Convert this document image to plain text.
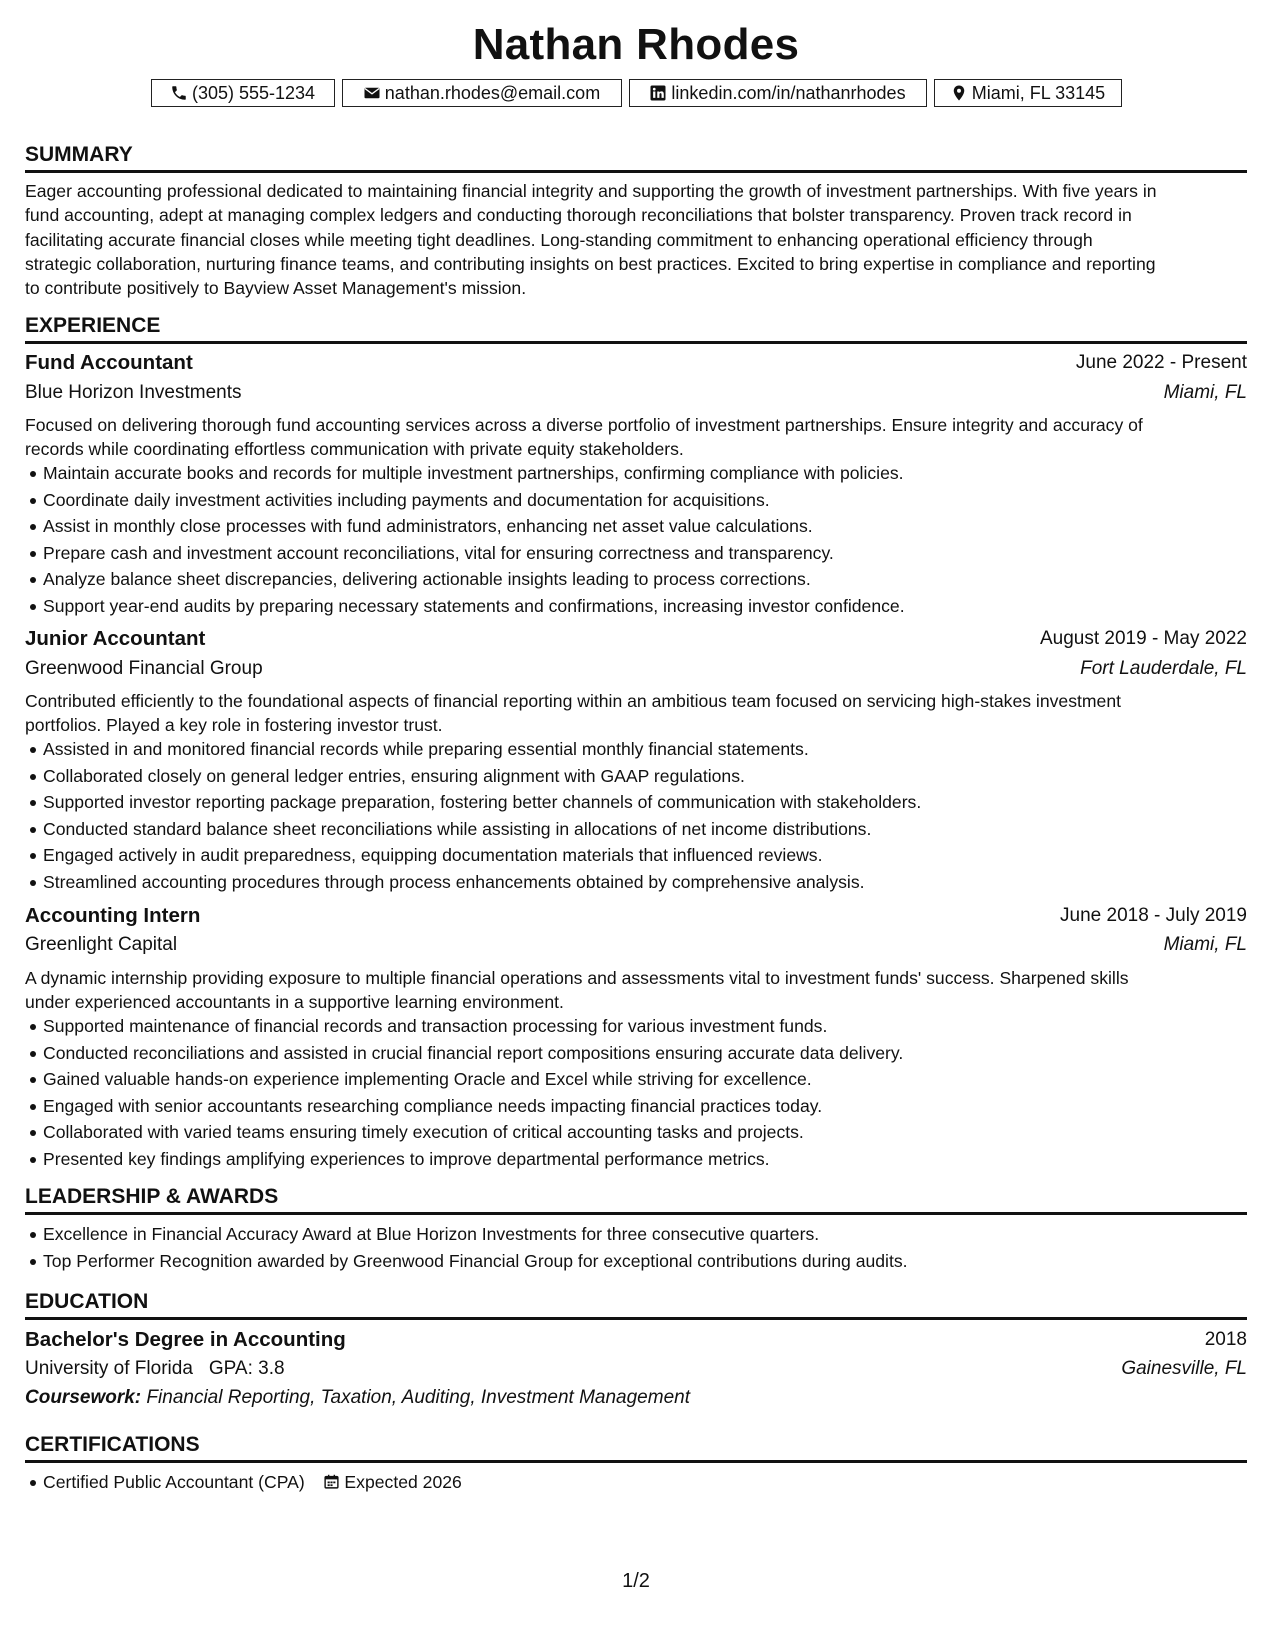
Nathan Rhodes
(305) 555-1234	nathan.rhodes@email.com	linkedin.com/in/nathanrhodes	Miami, FL 33145
SUMMARY
Eager accounting professional dedicated to maintaining financial integrity and supporting the growth of investment partnerships. With five years in
fund accounting, adept at managing complex ledgers and conducting thorough reconciliations that bolster transparency. Proven track record in
facilitating accurate financial closes while meeting tight deadlines. Long-standing commitment to enhancing operational efficiency through
strategic collaboration, nurturing finance teams, and contributing insights on best practices. Excited to bring expertise in compliance and reporting
to contribute positively to Bayview Asset Management's mission.
EXPERIENCE
Fund Accountant	June 2022 - Present
Blue Horizon Investments	Miami, FL
Focused on delivering thorough fund accounting services across a diverse portfolio of investment partnerships. Ensure integrity and accuracy of
records while coordinating effortless communication with private equity stakeholders.
Maintain accurate books and records for multiple investment partnerships, confirming compliance with policies.
Coordinate daily investment activities including payments and documentation for acquisitions.
Assist in monthly close processes with fund administrators, enhancing net asset value calculations.
Prepare cash and investment account reconciliations, vital for ensuring correctness and transparency.
Analyze balance sheet discrepancies, delivering actionable insights leading to process corrections.
Support year-end audits by preparing necessary statements and confirmations, increasing investor confidence.
Junior Accountant	August 2019 - May 2022
Greenwood Financial Group	Fort Lauderdale, FL
Contributed efficiently to the foundational aspects of financial reporting within an ambitious team focused on servicing high-stakes investment
portfolios. Played a key role in fostering investor trust.
Assisted in and monitored financial records while preparing essential monthly financial statements.
Collaborated closely on general ledger entries, ensuring alignment with GAAP regulations.
Supported investor reporting package preparation, fostering better channels of communication with stakeholders.
Conducted standard balance sheet reconciliations while assisting in allocations of net income distributions.
Engaged actively in audit preparedness, equipping documentation materials that influenced reviews.
Streamlined accounting procedures through process enhancements obtained by comprehensive analysis.
Accounting Intern	June 2018 - July 2019
Greenlight Capital	Miami, FL
A dynamic internship providing exposure to multiple financial operations and assessments vital to investment funds' success. Sharpened skills
under experienced accountants in a supportive learning environment.
Supported maintenance of financial records and transaction processing for various investment funds.
Conducted reconciliations and assisted in crucial financial report compositions ensuring accurate data delivery.
Gained valuable hands-on experience implementing Oracle and Excel while striving for excellence.
Engaged with senior accountants researching compliance needs impacting financial practices today.
Collaborated with varied teams ensuring timely execution of critical accounting tasks and projects.
Presented key findings amplifying experiences to improve departmental performance metrics.
LEADERSHIP & AWARDS
Excellence in Financial Accuracy Award at Blue Horizon Investments for three consecutive quarters.
Top Performer Recognition awarded by Greenwood Financial Group for exceptional contributions during audits.
EDUCATION
Bachelor's Degree in Accounting	2018
University of Florida GPA: 3.8	Gainesville, FL
Coursework: Financial Reporting, Taxation, Auditing, Investment Management
CERTIFICATIONS
Certified Public Accountant (CPA) Expected 2026
1/2
